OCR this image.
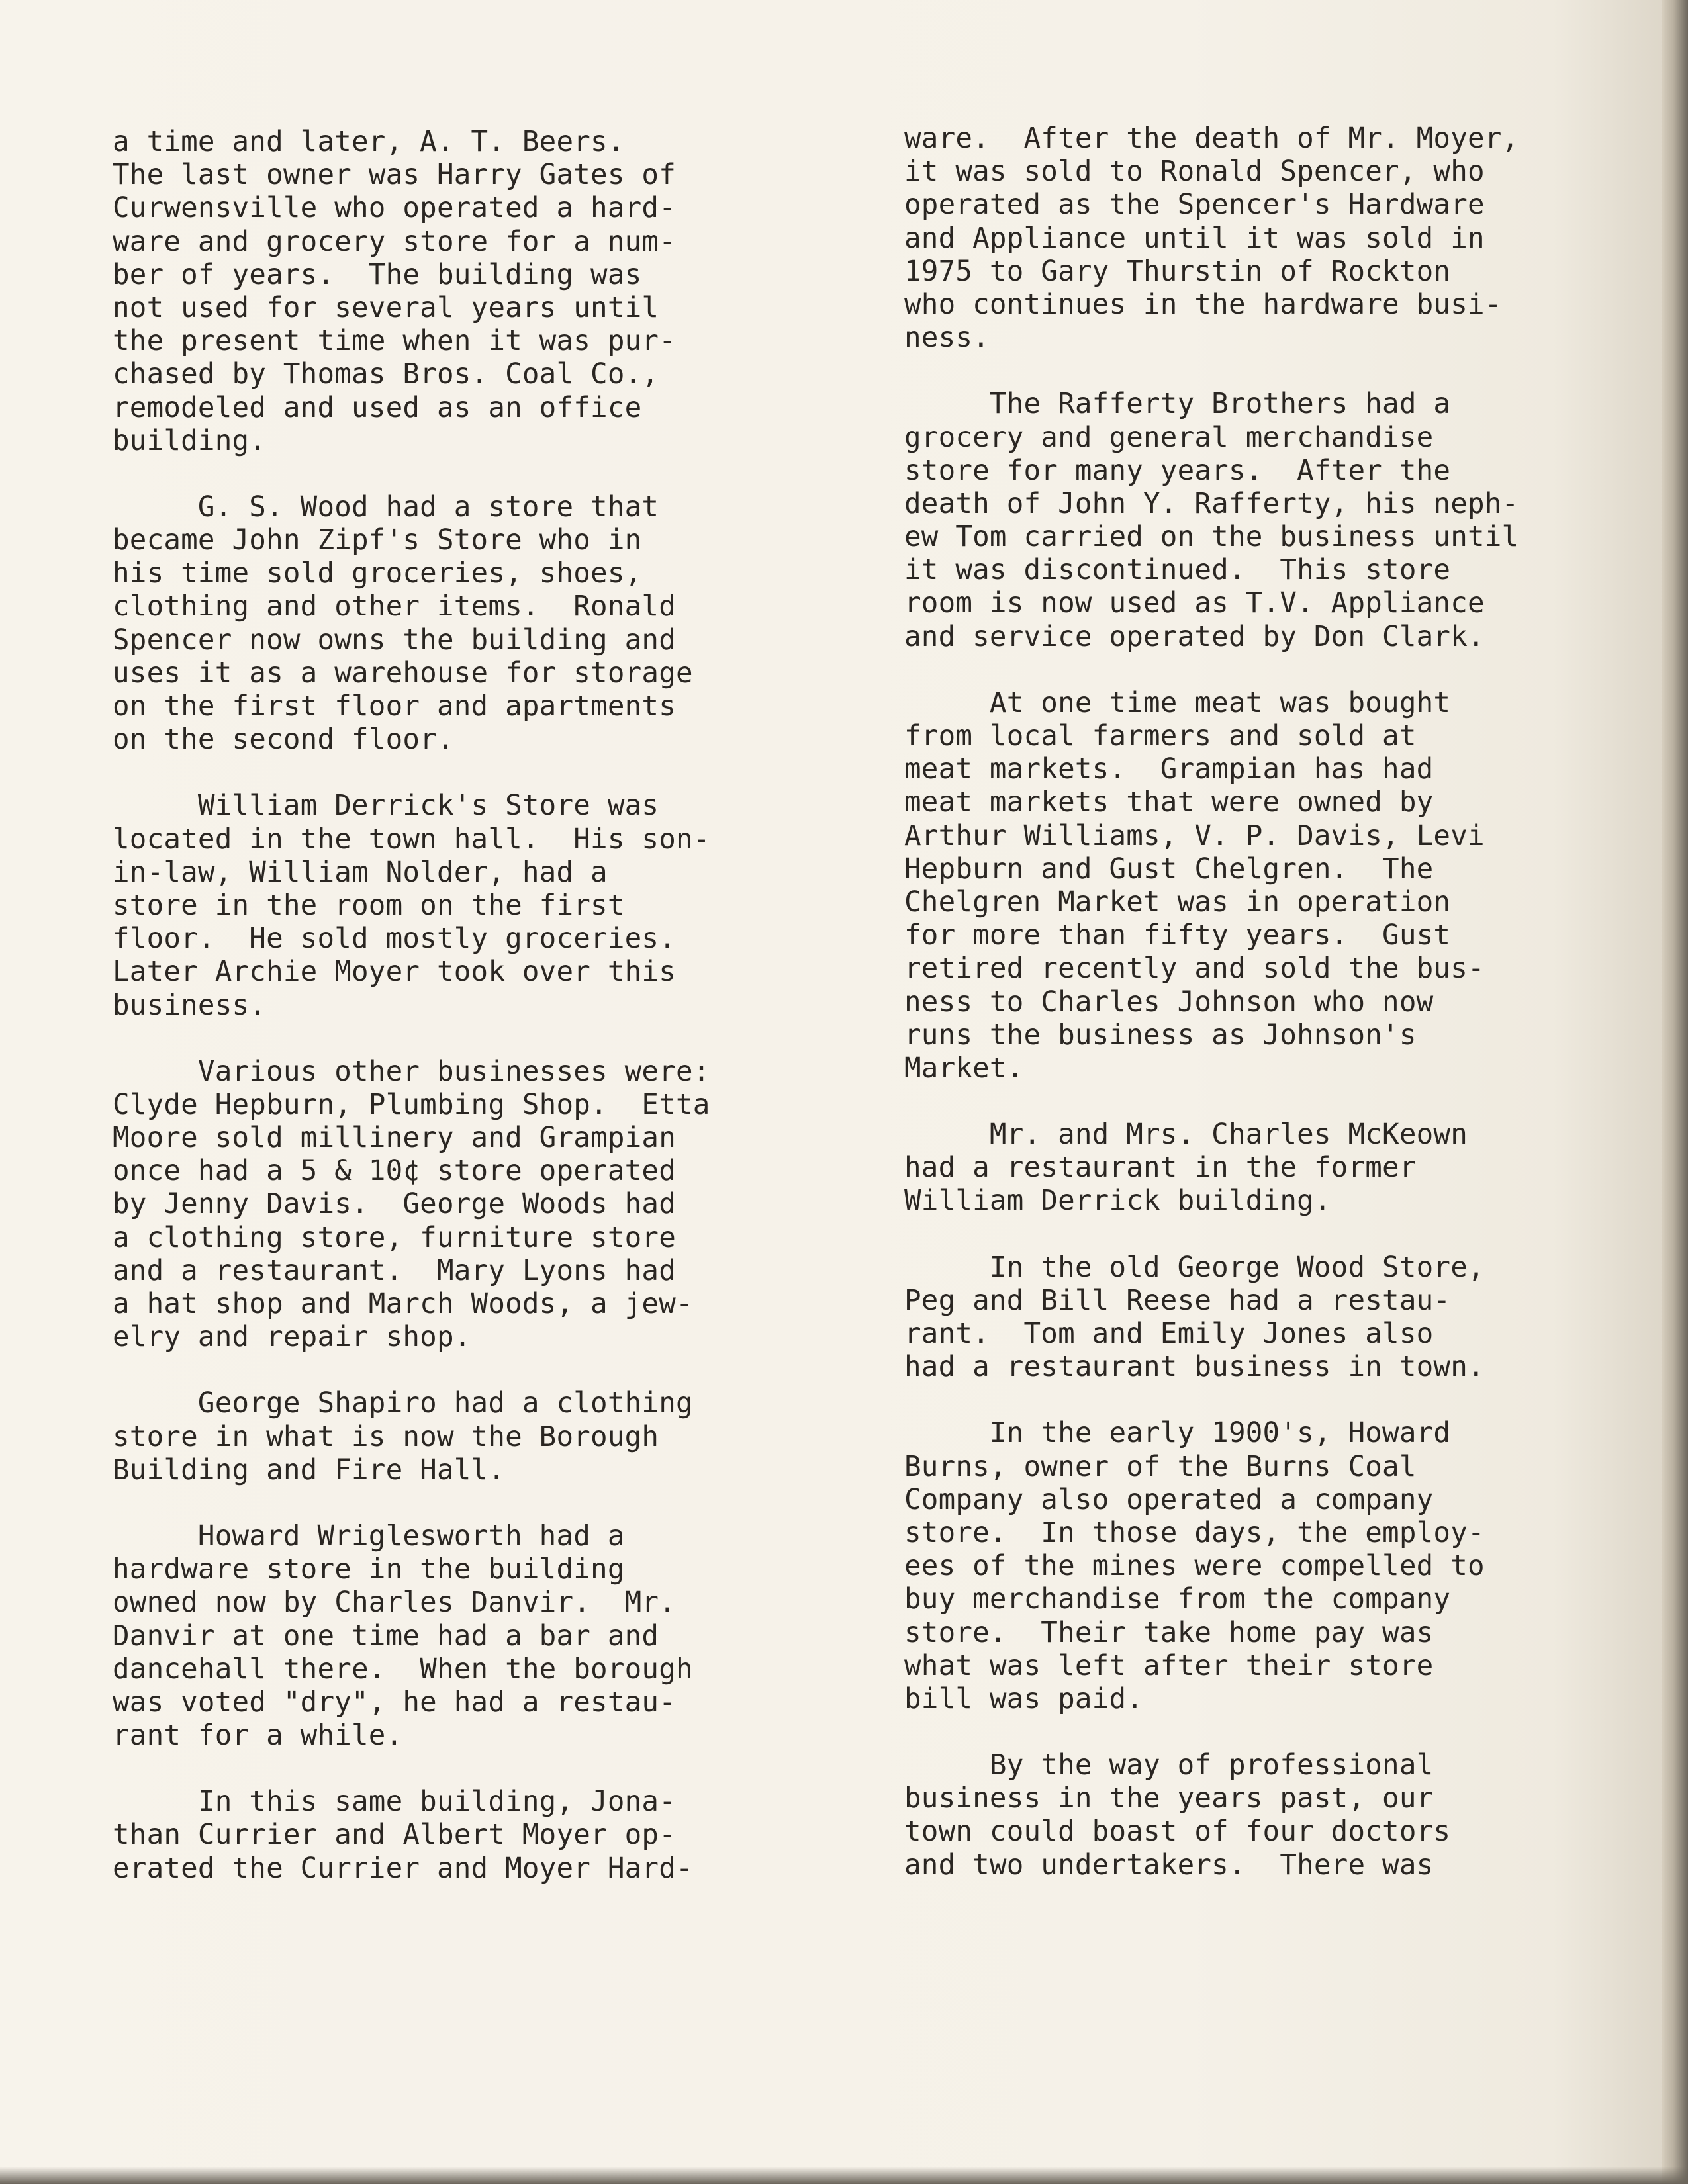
a time and later, A. T. Beers.
The last owner was Harry Gates of
Curwensville who operated a hard-
ware and grocery store for a num-
ber of years.  The building was
not used for several years until
the present time when it was pur-
chased by Thomas Bros. Coal Co.,
remodeled and used as an office
building.
G. S. Wood had a store that
became John Zipf's Store who in
his time sold groceries, shoes,
clothing and other items.  Ronald
Spencer now owns the building and
uses it as a warehouse for storage
on the first floor and apartments
on the second floor.
William Derrick's Store was
located in the town hall.  His son-
in-law, William Nolder, had a
store in the room on the first
floor.  He sold mostly groceries.
Later Archie Moyer took over this
business.
Various other businesses were:
Clyde Hepburn, Plumbing Shop.  Etta
Moore sold millinery and Grampian
once had a 5 & 10¢ store operated
by Jenny Davis.  George Woods had
a clothing store, furniture store
and a restaurant.  Mary Lyons had
a hat shop and March Woods, a jew-
elry and repair shop.
George Shapiro had a clothing
store in what is now the Borough
Building and Fire Hall.
Howard Wriglesworth had a
hardware store in the building
owned now by Charles Danvir.  Mr.
Danvir at one time had a bar and
dancehall there.  When the borough
was voted "dry", he had a restau-
rant for a while.
In this same building, Jona-
than Currier and Albert Moyer op-
erated the Currier and Moyer Hard-
ware.  After the death of Mr. Moyer,
it was sold to Ronald Spencer, who
operated as the Spencer's Hardware
and Appliance until it was sold in
1975 to Gary Thurstin of Rockton
who continues in the hardware busi-
ness.
The Rafferty Brothers had a
grocery and general merchandise
store for many years.  After the
death of John Y. Rafferty, his neph-
ew Tom carried on the business until
it was discontinued.  This store
room is now used as T.V. Appliance
and service operated by Don Clark.
At one time meat was bought
from local farmers and sold at
meat markets.  Grampian has had
meat markets that were owned by
Arthur Williams, V. P. Davis, Levi
Hepburn and Gust Chelgren.  The
Chelgren Market was in operation
for more than fifty years.  Gust
retired recently and sold the bus-
ness to Charles Johnson who now
runs the business as Johnson's
Market.
Mr. and Mrs. Charles McKeown
had a restaurant in the former
William Derrick building.
In the old George Wood Store,
Peg and Bill Reese had a restau-
rant.  Tom and Emily Jones also
had a restaurant business in town.
In the early 1900's, Howard
Burns, owner of the Burns Coal
Company also operated a company
store.  In those days, the employ-
ees of the mines were compelled to
buy merchandise from the company
store.  Their take home pay was
what was left after their store
bill was paid.
By the way of professional
business in the years past, our
town could boast of four doctors
and two undertakers.  There was
